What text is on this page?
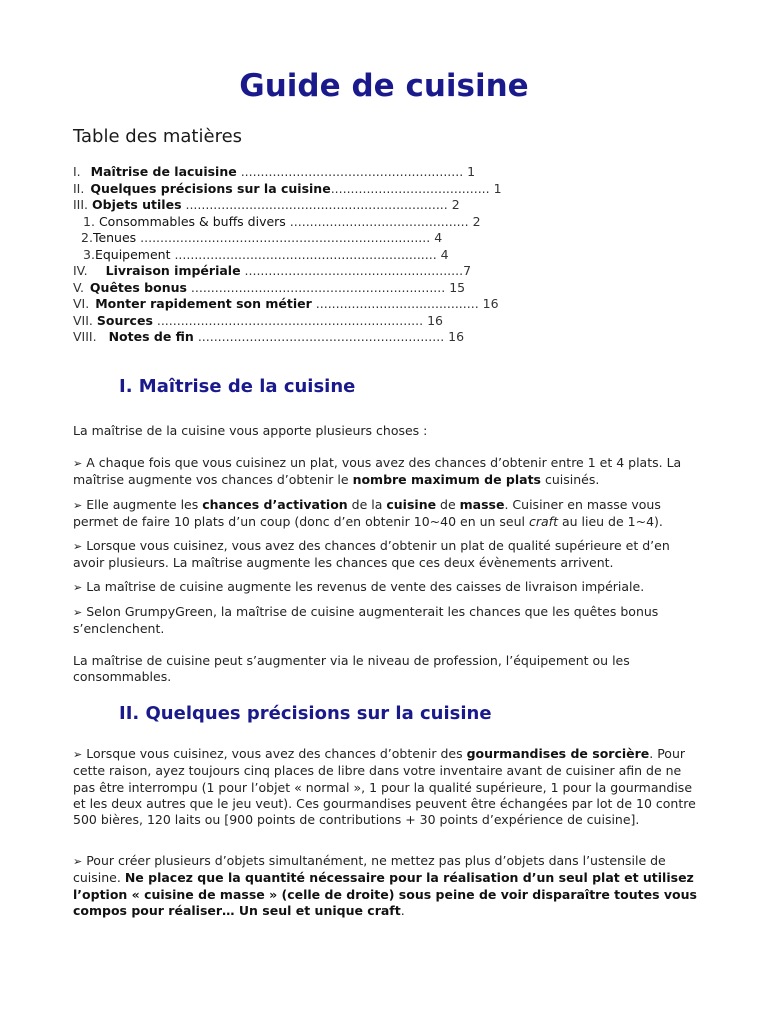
Guide de cuisine
Table des matières
I. Maîtrise de lacuisine ........................................................ 1
II. Quelques précisions sur la cuisine........................................ 1
III. Objets utiles .................................................................. 2
1. Consommables & buffs divers ............................................. 2
2.Tenues ......................................................................... 4
3.Equipement .................................................................. 4
IV. Livraison impériale .......................................................7
V. Quêtes bonus ................................................................ 15
VI. Monter rapidement son métier ......................................... 16
VII. Sources ................................................................... 16
VIII. Notes de fin .............................................................. 16
I. Maîtrise de la cuisine

La maîtrise de la cuisine vous apporte plusieurs choses :

➢ A chaque fois que vous cuisinez un plat, vous avez des chances d’obtenir entre 1 et 4 plats. La maîtrise augmente vos chances d’obtenir le nombre maximum de plats cuisinés.

➢ Elle augmente les chances d’activation de la cuisine de masse. Cuisiner en masse vous permet de faire 10 plats d’un coup (donc d’en obtenir 10~40 en un seul craft au lieu de 1~4).

➢ Lorsque vous cuisinez, vous avez des chances d’obtenir un plat de qualité supérieure et d’en avoir plusieurs. La maîtrise augmente les chances que ces deux évènements arrivent.

➢ La maîtrise de cuisine augmente les revenus de vente des caisses de livraison impériale.

➢ Selon GrumpyGreen, la maîtrise de cuisine augmenterait les chances que les quêtes bonus s’enclenchent.

La maîtrise de cuisine peut s’augmenter via le niveau de profession, l’équipement ou les consommables.

II. Quelques précisions sur la cuisine

➢ Lorsque vous cuisinez, vous avez des chances d’obtenir des gourmandises de sorcière. Pour cette raison, ayez toujours cinq places de libre dans votre inventaire avant de cuisiner afin de ne pas être interrompu (1 pour l’objet « normal », 1 pour la qualité supérieure, 1 pour la gourmandise et les deux autres que le jeu veut). Ces gourmandises peuvent être échangées par lot de 10 contre 500 bières, 120 laits ou [900 points de contributions + 30 points d’expérience de cuisine].

➢ Pour créer plusieurs d’objets simultanément, ne mettez pas plus d’objets dans l’ustensile de cuisine. Ne placez que la quantité nécessaire pour la réalisation d’un seul plat et utilisez l’option « cuisine de masse » (celle de droite) sous peine de voir disparaître toutes vous compos pour réaliser… Un seul et unique craft.
